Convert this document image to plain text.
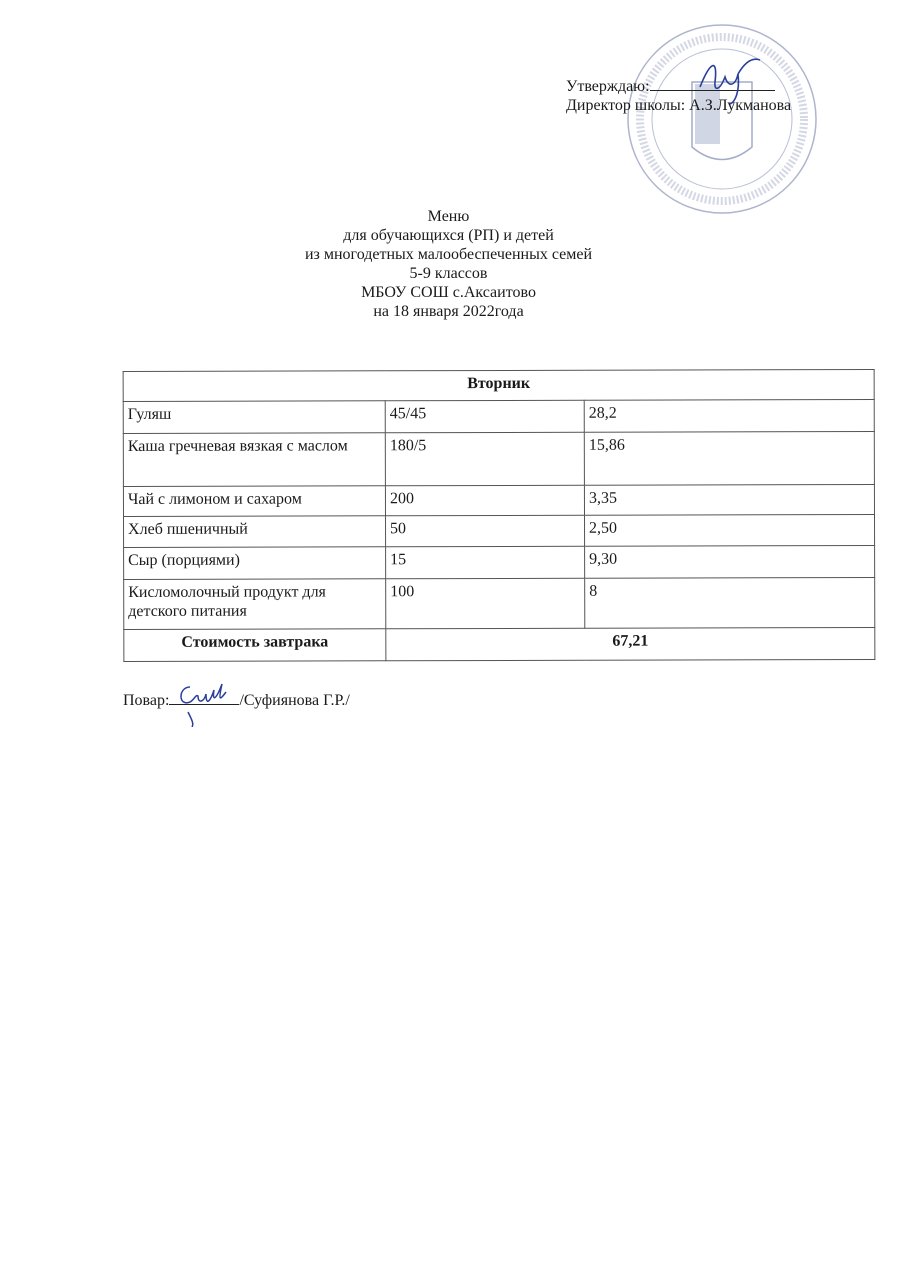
Утверждаю:
Директор школы: А.З.Лукманова
Меню
для обучающихся (РП) и детей
из многодетных малообеспеченных семей
5-9 классов
МБОУ СОШ с.Аксаитово
на 18 января 2022года
Вторник		
Гуляш	45/45	28,2
Каша гречневая вязкая с маслом	180/5	15,86
Чай с лимоном и сахаром	200	3,35
Хлеб пшеничный	50	2,50
Сыр (порциями)	15	9,30
Кисломолочный продукт для детского питания	100	8
Стоимость завтрака	67,21	
Повар:	/Суфиянова Г.Р./
